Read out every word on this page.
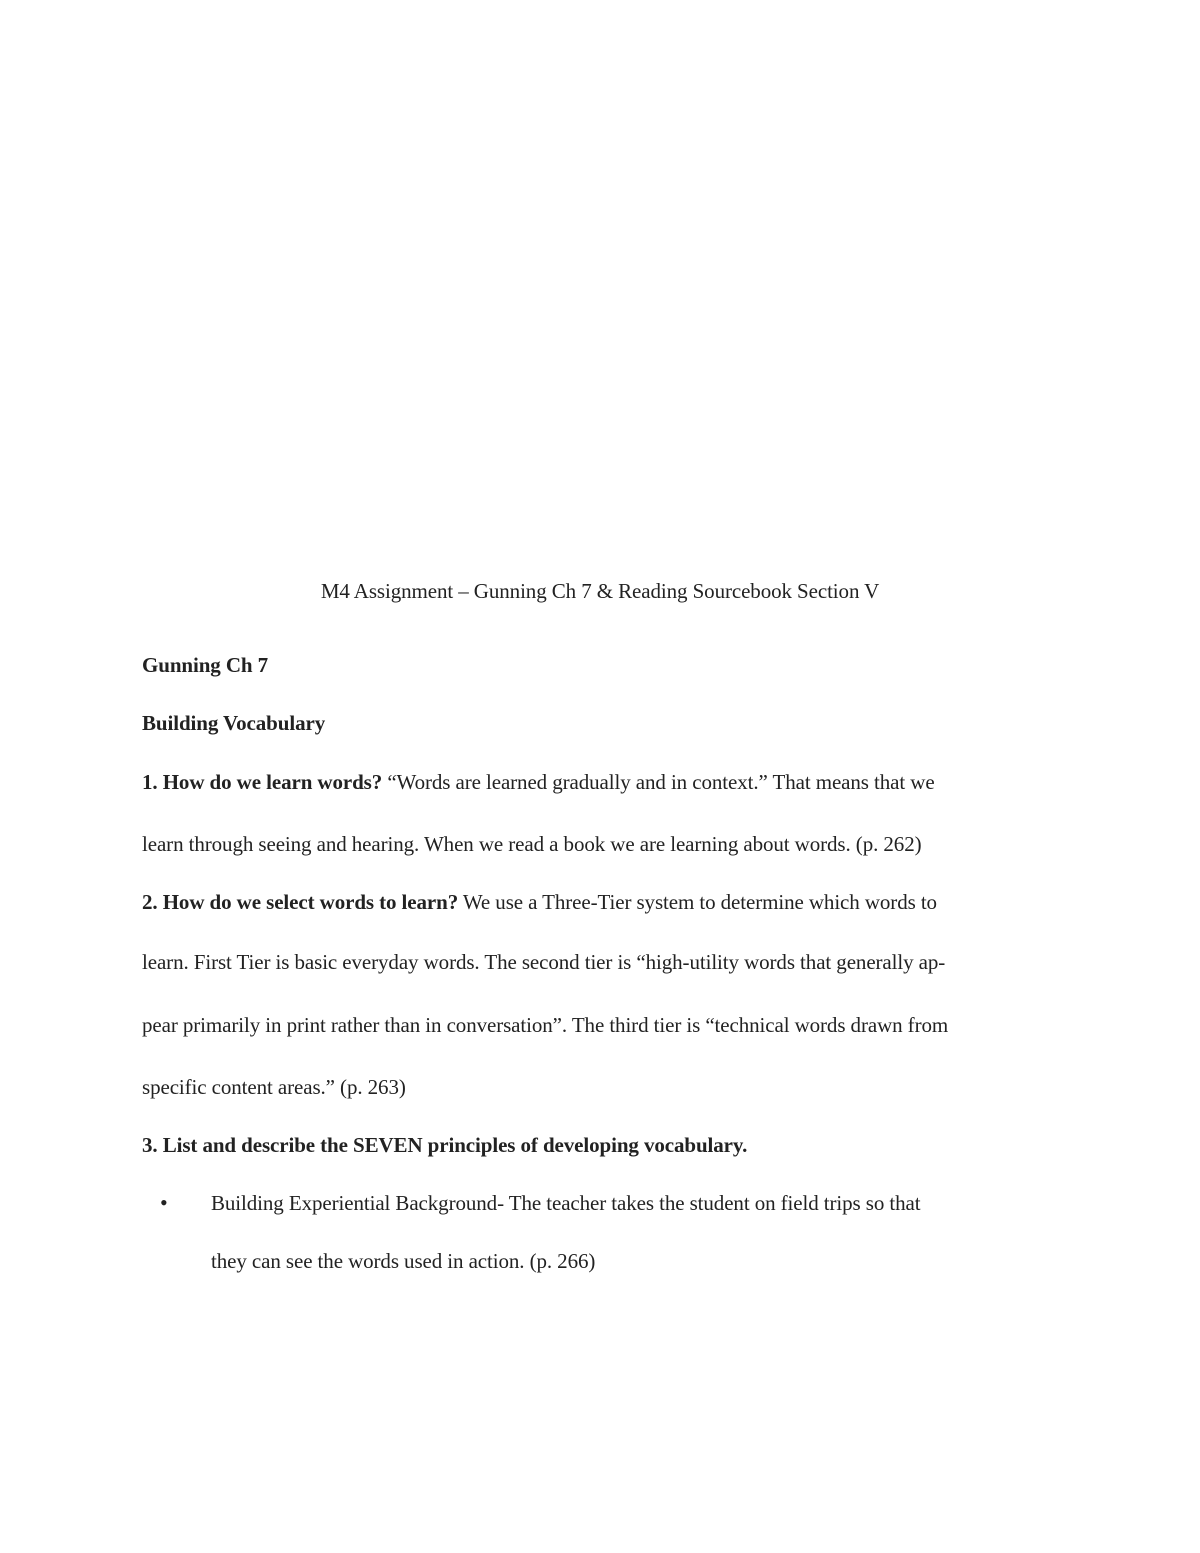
M4 Assignment – Gunning Ch 7 & Reading Sourcebook Section V
Gunning Ch 7
Building Vocabulary
1. How do we learn words? “Words are learned gradually and in context.” That means that we
learn through seeing and hearing. When we read a book we are learning about words. (p. 262)
2. How do we select words to learn? We use a Three-Tier system to determine which words to
learn. First Tier is basic everyday words. The second tier is “high-utility words that generally ap-
pear primarily in print rather than in conversation”. The third tier is “technical words drawn from
specific content areas.” (p. 263)
3. List and describe the SEVEN principles of developing vocabulary.
• Building Experiential Background- The teacher takes the student on field trips so that
they can see the words used in action. (p. 266)
